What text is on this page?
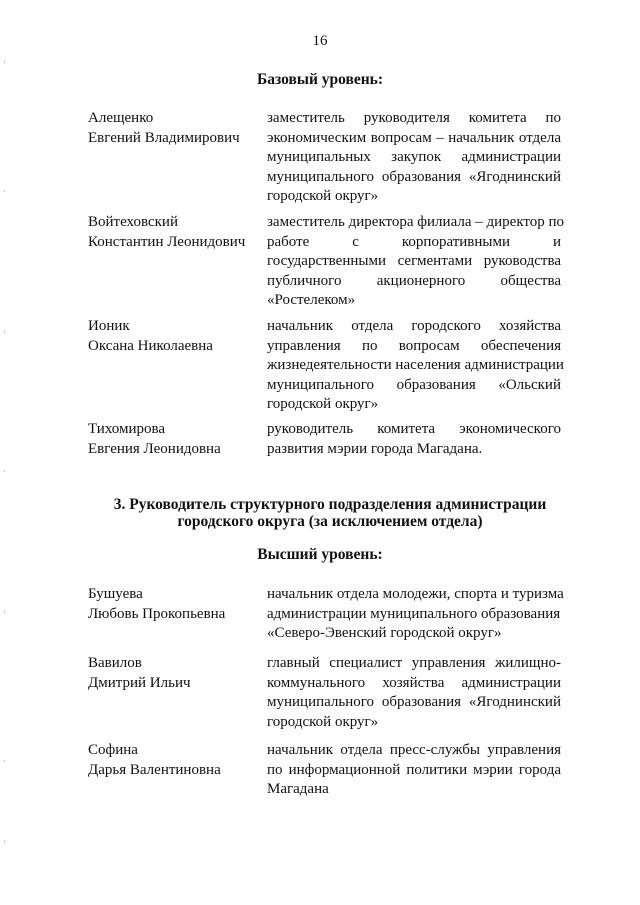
16
Базовый уровень:
Алещенко
Евгений Владимирович
заместитель руководителя комитета по
экономическим вопросам – начальник отдела
муниципальных закупок администрации
муниципального образования «Ягоднинский
городской округ»
Войтеховский
Константин Леонидович
заместитель директора филиала – директор по
работе с корпоративными и
государственными сегментами руководства
публичного акционерного общества
«Ростелеком»
Ионик
Оксана Николаевна
начальник отдела городского хозяйства
управления по вопросам обеспечения
жизнедеятельности населения администрации
муниципального образования «Ольский
городской округ»
Тихомирова
Евгения Леонидовна
руководитель комитета экономического
развития мэрии города Магадана.
3. Руководитель структурного подразделения администрации
городского округа (за исключением отдела)
Высший уровень:
Бушуева
Любовь Прокопьевна
начальник отдела молодежи, спорта и туризма
администрации муниципального образования
«Северо-Эвенский городской округ»
Вавилов
Дмитрий Ильич
главный специалист управления жилищно-
коммунального хозяйства администрации
муниципального образования «Ягоднинский
городской округ»
Софина
Дарья Валентиновна
начальник отдела пресс-службы управления
по информационной политики мэрии города
Магадана
